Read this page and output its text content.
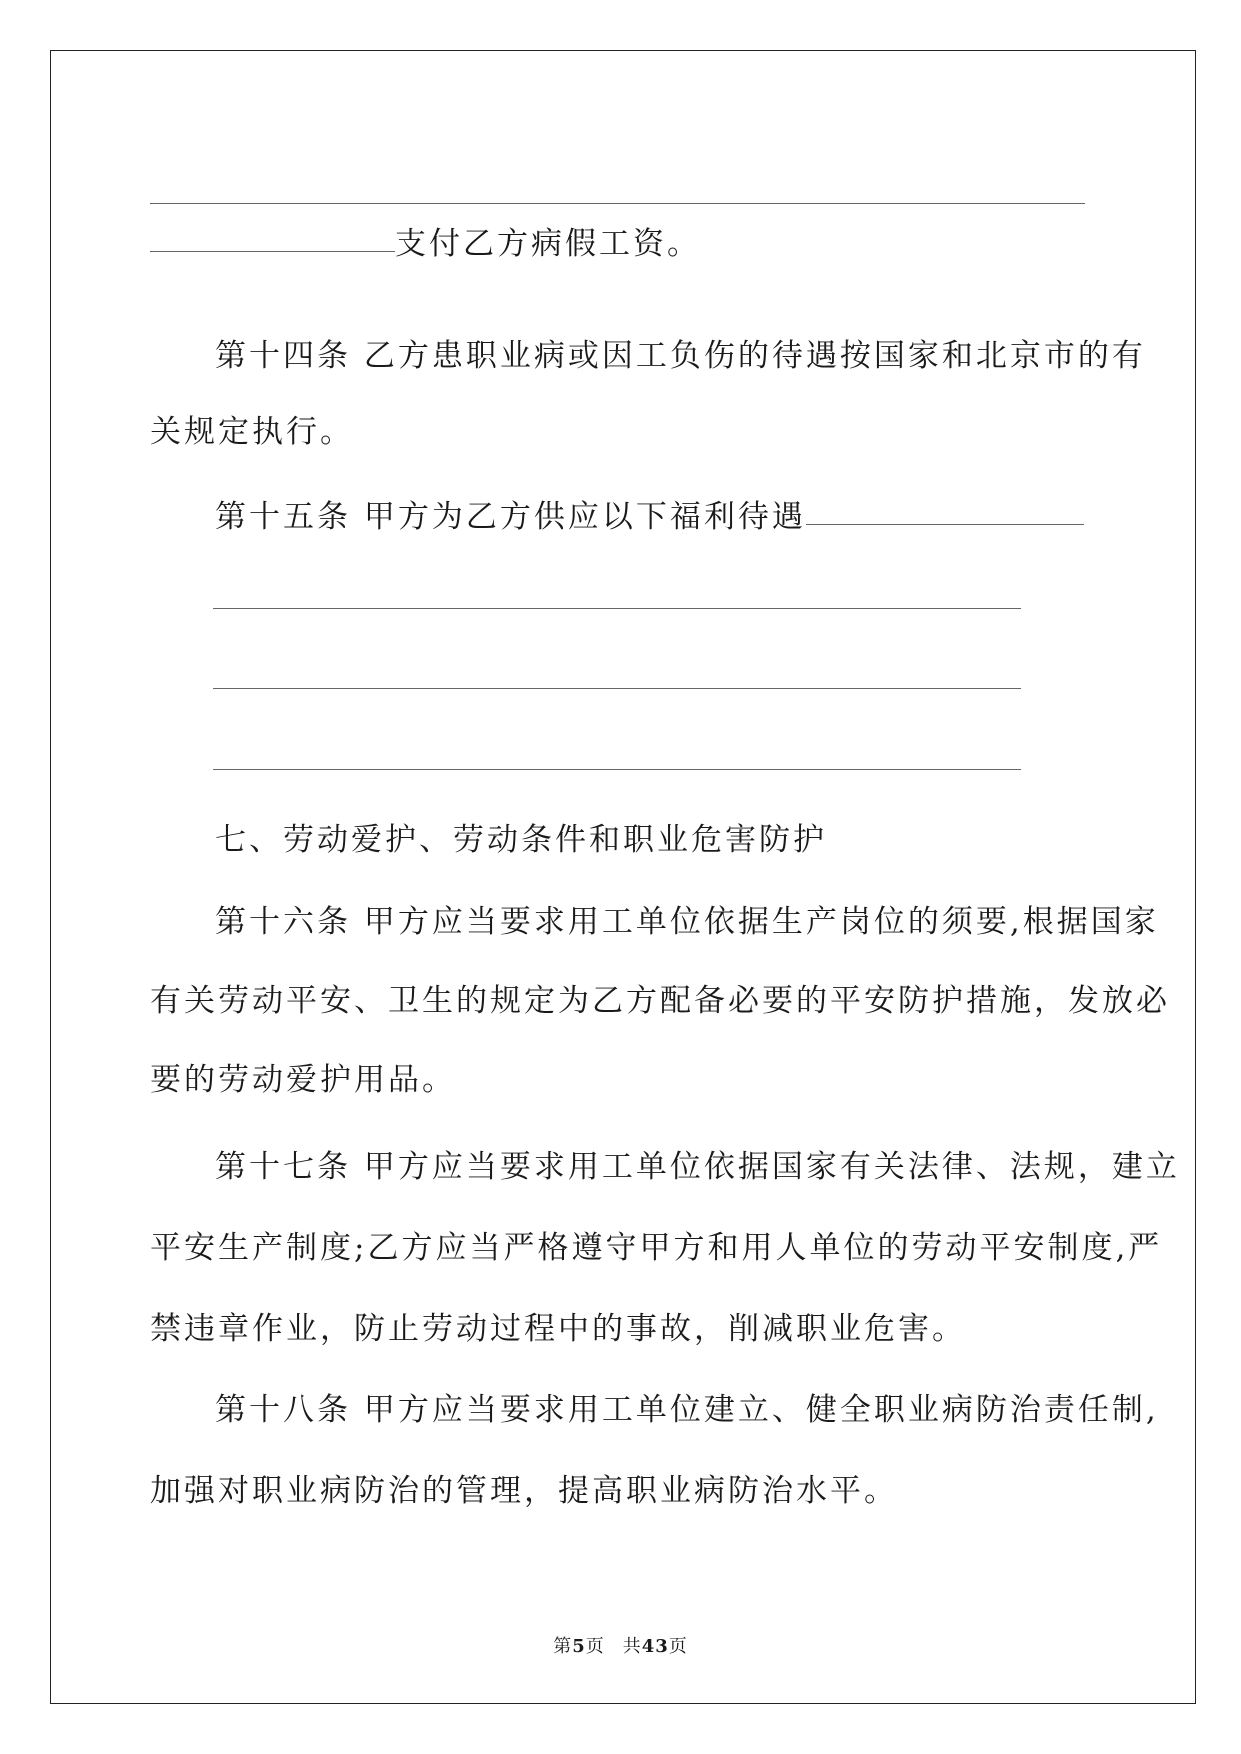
支付乙方病假工资。
第十四条 乙方患职业病或因工负伤的待遇按国家和北京市的有
关规定执行。
第十五条 甲方为乙方供应以下福利待遇
七、劳动爱护、劳动条件和职业危害防护
第十六条 甲方应当要求用工单位依据生产岗位的须要,根据国家
有关劳动平安、卫生的规定为乙方配备必要的平安防护措施，发放必
要的劳动爱护用品。
第十七条 甲方应当要求用工单位依据国家有关法律、法规，建立
平安生产制度;乙方应当严格遵守甲方和用人单位的劳动平安制度,严
禁违章作业，防止劳动过程中的事故，削减职业危害。
第十八条 甲方应当要求用工单位建立、健全职业病防治责任制,
加强对职业病防治的管理，提高职业病防治水平。
第5页 共43页
